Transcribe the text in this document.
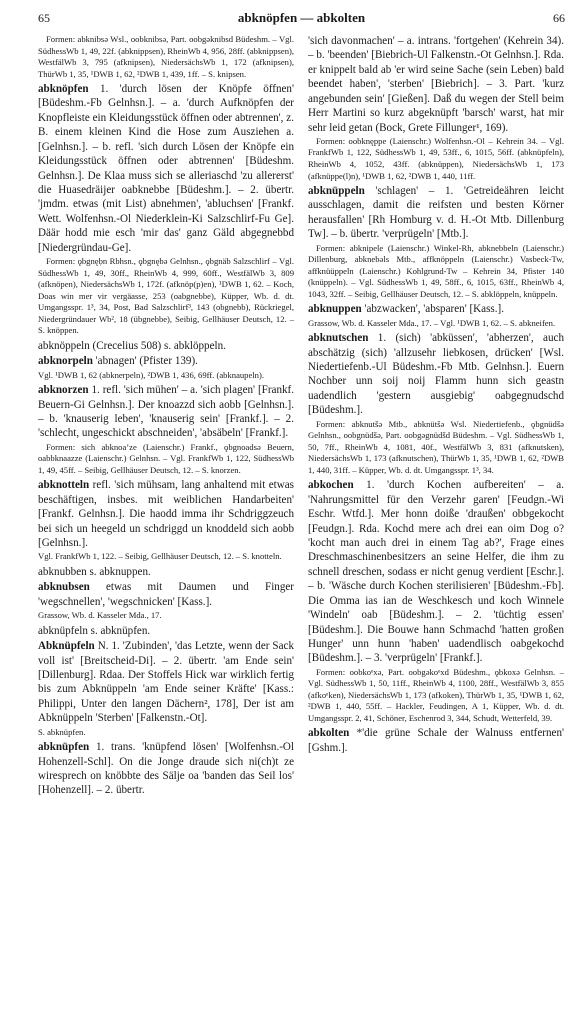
65	abknöpfen — abkolten	66

Formen: abknibsə Wsl., oobknibsə, Part. oobgəknibsd Büdeshm. – Vgl. SüdhessWb 1, 49, 22f. (abknippsen), RheinWb 4, 956, 28ff. (abknippsen), WestfälWb 3, 795 (afknipsen), NiedersächsWb 1, 172 (afknipsen), ThürWb 1, 35, ¹DWB 1, 62, ²DWB 1, 439, 1ff. – S. knipsen.

abknöpfen 1. 'durch lösen der Knöpfe öffnen' [Büdeshm.-Fb Gelnhsn.]. – a. 'durch Aufknöpfen der Knopfleiste ein Kleidungsstück öffnen oder abtrennen', z. B. einem kleinen Kind die Hose zum Ausziehen a. [Gelnhsn.]. – b. refl. 'sich durch Lösen der Knöpfe ein Kleidungsstück öffnen oder abtrennen' [Büdeshm. Gelnhsn.]. De Klaa muss sich se alleriaschd 'zu allererst' die Huasedräijer oabknebbe [Büdeshm.]. – 2. übertr. 'jmdm. etwas (mit List) abnehmen', 'abluchsen' [Frankf. Wett. Wolfenhsn.-Ol Niederklein-Ki Salzschlirf-Fu Ge]. Däär hodd mie esch 'mir das' ganz Gäld abgegnebbd [Niedergründau-Ge].

Formen: ǫbgnęḅn Rbhsn., ǫbgnębə Gelnhsn., ǫbgnäb Salzschlirf – Vgl. SüdhessWb 1, 49, 30ff., RheinWb 4, 999, 60ff., WestfälWb 3, 809 (afknöpen), NiedersächsWb 1, 172f. (afknöp(p)en), ¹DWB 1, 62. – Koch, Doas win mer vir vergäasse, 253 (oabgnebbe), Küpper, Wb. d. dt. Umgangsspr. 1³, 34, Post, Bad Salzschlirf³, 143 (obgnebb), Rückriegel, Niedergründauer Wb², 18 (übgnebbe), Seibig, Gellhäuser Deutsch, 12. – S. knöppen.

abknöppeln (Crecelius 508) s. abklöppeln.

abknorpeln 'abnagen' (Pfister 139).

Vgl. ¹DWB 1, 62 (abknerpeln), ²DWB 1, 436, 69ff. (abknaupeln).

abknorzen 1. refl. 'sich mühen' – a. 'sich plagen' [Frankf. Beuern-Gi Gelnhsn.]. Der knoazzd sich aobb [Gelnhsn.]. – b. 'knauserig leben', 'knauserig sein' [Frankf.]. – 2. 'schlecht, ungeschickt abschneiden', 'absäbeln' [Frankf.].

Formen: sich abknoaʼze (Laienschr.) Frankf., ǫbgnoadsə Beuern, oabbknaazze (Laienschr.) Gelnhsn. – Vgl. FrankfWb 1, 122, SüdhessWb 1, 49, 45ff. – Seibig, Gellhäuser Deutsch, 12. – S. knorzen.

abknotteln refl. 'sich mühsam, lang anhaltend mit etwas beschäftigen, insbes. mit weiblichen Handarbeiten' [Frankf. Gelnhsn.]. Die haodd imma ihr Schdriggzeuch bei sich un heegeld un schdriggd un knoddeld sich aobb [Gelnhsn.].

Vgl. FrankfWb 1, 122. – Seibig, Gellhäuser Deutsch, 12. – S. knotteln.

abknubben s. abknuppen.

abknubsen etwas mit Daumen und Finger 'wegschnellen', 'wegschnicken' [Kass.].

Grassow, Wb. d. Kasseler Mda., 17.

abknüpfeln s. abknüpfen.

Abknüpfeln N. 1. 'Zubinden', 'das Letzte, wenn der Sack voll ist' [Breitscheid-Di]. – 2. übertr. 'am Ende sein' [Dillenburg]. Rdaa. Der Stoffels Hick war wirklich fertig bis zum Abknüppeln 'am Ende seiner Kräfte' [Kass.: Philippi, Unter den langen Dächern², 178], Der ist am Abknüppeln 'Sterben' [Falkenstn.-Ot].

S. abknüpfen.

abknüpfen 1. trans. 'knüpfend lösen' [Wolfenhsn.-Ol Hohenzell-Schl]. On die Jonge draude sich ni(ch)t ze wiresprech on knöbbte des Sälje oa 'banden das Seil los' [Hohenzell]. – 2. übertr.

'sich davonmachen' – a. intrans. 'fortgehen' (Kehrein 34). – b. 'beenden' [Biebrich-Ul Falkenstn.-Ot Gelnhsn.]. Rda. er knippelt bald ab 'er wird seine Sache (sein Leben) bald beendet haben', 'sterben' [Biebrich]. – 3. Part. 'kurz angebunden sein' [Gießen]. Daß du wegen der Stell beim Herr Martini so kurz abgeknüpft 'barsch' warst, hat mir sehr leid getan (Bock, Grete Fillunger¹, 169).

Formen: oobknęppe (Laienschr.) Wolfenhsn.-Ol – Kehrein 34. – Vgl. FrankfWb 1, 122, SüdhessWb 1, 49, 53ff., 6, 1015, 56ff. (abknüpfeln), RheinWb 4, 1052, 43ff. (abknüppen), NiedersächsWb 1, 173 (afknüppe(l)n), ¹DWB 1, 62, ²DWB 1, 440, 11ff.

abknüppeln 'schlagen' – 1. 'Getreideähren leicht ausschlagen, damit die reifsten und besten Körner herausfallen' [Rh Homburg v. d. H.-Ot Mtb. Dillenburg Tw]. – b. übertr. 'verprügeln' [Mtb.].

Formen: abknipele (Laienschr.) Winkel-Rh, abknebbeln (Laienschr.) Dillenburg, abknebəls Mtb., affknöppeln (Laienschr.) Vasbeck-Tw, affknüüppeln (Laienschr.) Kohlgrund-Tw – Kehrein 34, Pfister 140 (knüppeln). – Vgl. SüdhessWb 1, 49, 58ff., 6, 1015, 63ff., RheinWb 4, 1043, 32ff. – Seibig, Gellhäuser Deutsch, 12. – S. abklöppeln, knüppeln.

abknuppen 'abzwacken', 'absparen' [Kass.].

Grassow, Wb. d. Kasseler Mda., 17. – Vgl. ¹DWB 1, 62. – S. abkneifen.

abknutschen 1. (sich) 'abküssen', 'abherzen', auch abschätzig (sich) 'allzusehr liebkosen, drücken' [Wsl. Niedertiefenb.-Ul Büdeshm.-Fb Mtb. Gelnhsn.]. Euern Nochber unn soij noij Flamm hunn sich geastn uadendlich 'gestern ausgiebig' oabgegnudschd [Büdeshm.].

Formen: abknutšə Mtb., abknütšə Wsl. Niedertiefenb., ǫbgnüdšə Gelnhsn., oobgnüdšə, Part. oobgəgnüdšd Büdeshm. – Vgl. SüdhessWb 1, 50, 7ff., RheinWb 4, 1081, 40f., WestfälWb 3, 831 (afknutsken), NiedersächsWb 1, 173 (afknutschen), ThürWb 1, 35, ¹DWB 1, 62, ²DWB 1, 440, 31ff. – Küpper, Wb. d. dt. Umgangsspr. 1³, 34.

abkochen 1. 'durch Kochen aufbereiten' – a. 'Nahrungsmittel für den Verzehr garen' [Feudgn.-Wi Eschr. Wtfd.]. Mer honn doiße 'draußen' obbgekocht [Feudgn.]. Rda. Kochd mere ach drei ean oim Dog o? 'kocht man auch drei in einem Tag ab?', Frage eines Dreschmaschinenbesitzers an seine Helfer, die ihm zu schnell dreschen, sodass er nicht genug verdient [Eschr.]. – b. 'Wäsche durch Kochen sterilisieren' [Büdeshm.-Fb]. Die Omma ias ian de Weschkesch und koch Winnele 'Windeln' oab [Büdeshm.]. – 2. 'tüchtig essen' [Büdeshm.]. Die Bouwe hann Schmachd 'hatten großen Hunger' unn hunn 'haben' uadendlisch oabgekochd [Büdeshm.]. – 3. 'verprügeln' [Frankf.].

Formen: oobkoᵉxə, Part. oobgəkoᵉxd Büdeshm., ǫbkoxə Gelnhsn. – Vgl. SüdhessWb 1, 50, 11ff., RheinWb 4, 1100, 28ff., WestfälWb 3, 855 (afkoᵉken), NiedersächsWb 1, 173 (afkoken), ThürWb 1, 35, ¹DWB 1, 62, ²DWB 1, 440, 55ff. – Hackler, Feudingen, A 1, Küpper, Wb. d. dt. Umgangsspr. 2, 41, Schöner, Eschenrod 3, 344, Schudt, Wetterfeld, 39.

abkolten *'die grüne Schale der Walnuss entfernen' [Gshm.].
